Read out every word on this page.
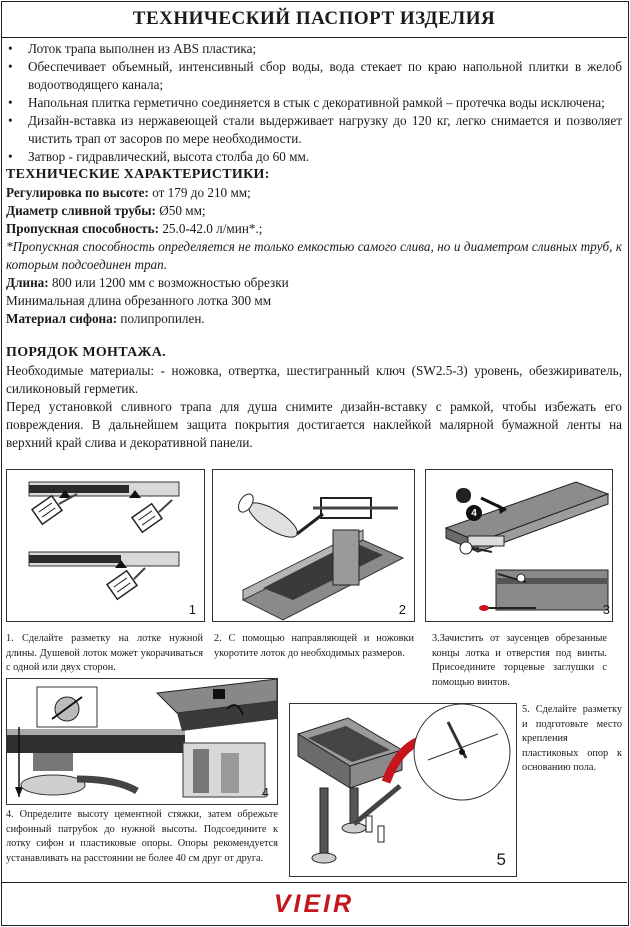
ТЕХНИЧЕСКИЙ ПАСПОРТ ИЗДЕЛИЯ
• Лоток трапа выполнен из ABS пластика;
• Обеспечивает объемный, интенсивный сбор воды, вода стекает по краю напольной плитки в желоб водоотводящего канала;
• Напольная плитка герметично соединяется в стык с декоративной рамкой – протечка воды исключена;
• Дизайн-вставка из нержавеющей стали выдерживает нагрузку до 120 кг, легко снимается и позволяет чистить трап от засоров по мере необходимости.
• Затвор - гидравлический, высота столба до 60 мм.

ТЕХНИЧЕСКИЕ ХАРАКТЕРИСТИКИ:

Регулировка по высоте: от 179 до 210 мм;

Диаметр сливной трубы: Ø50 мм;

Пропускная способность: 25.0-42.0 л/мин*.;

*Пропускная способность определяется не только емкостью самого слива, но и диаметром сливных труб, к которым подсоединен трап.

Длина: 800 или 1200 мм с возможностью обрезки

Минимальная длина обрезанного лотка 300 мм

Материал сифона: полипропилен.

ПОРЯДОК МОНТАЖА.

Необходимые материалы: - ножовка, отвертка, шестигранный ключ (SW2.5-3) уровень, обезжириватель, силиконовый герметик.

Перед установкой сливного трапа для душа снимите дизайн-вставку с рамкой, чтобы избежать его повреждения. В дальнейшем защита покрытия достигается наклейкой малярной бумажной ленты на верхний край слива и декоративной панели.

1
1. Сделайте разметку на лотке нужной длины. Душевой лоток может укорачиваться с одной или двух сторон.
2
2. С помощью направляющей и ножовки укоротите лоток до необходимых размеров.
4
3
3.Зачистить от заусенцев обрезанные концы лотка и отверстия под винты. Присоедините торцевые заглушки с помощью винтов.
4
4. Определите высоту цементной стяжки, затем обрежьте сифонный патрубок до нужной высоты. Подсоедините к лотку сифон и пластиковые опоры. Опоры рекомендуется устанавливать на расстоянии не более 40 см друг от друга.	5
5. Сделайте разметку и подготовьте место крепления пластиковых опор к основанию пола.
VIEIR
